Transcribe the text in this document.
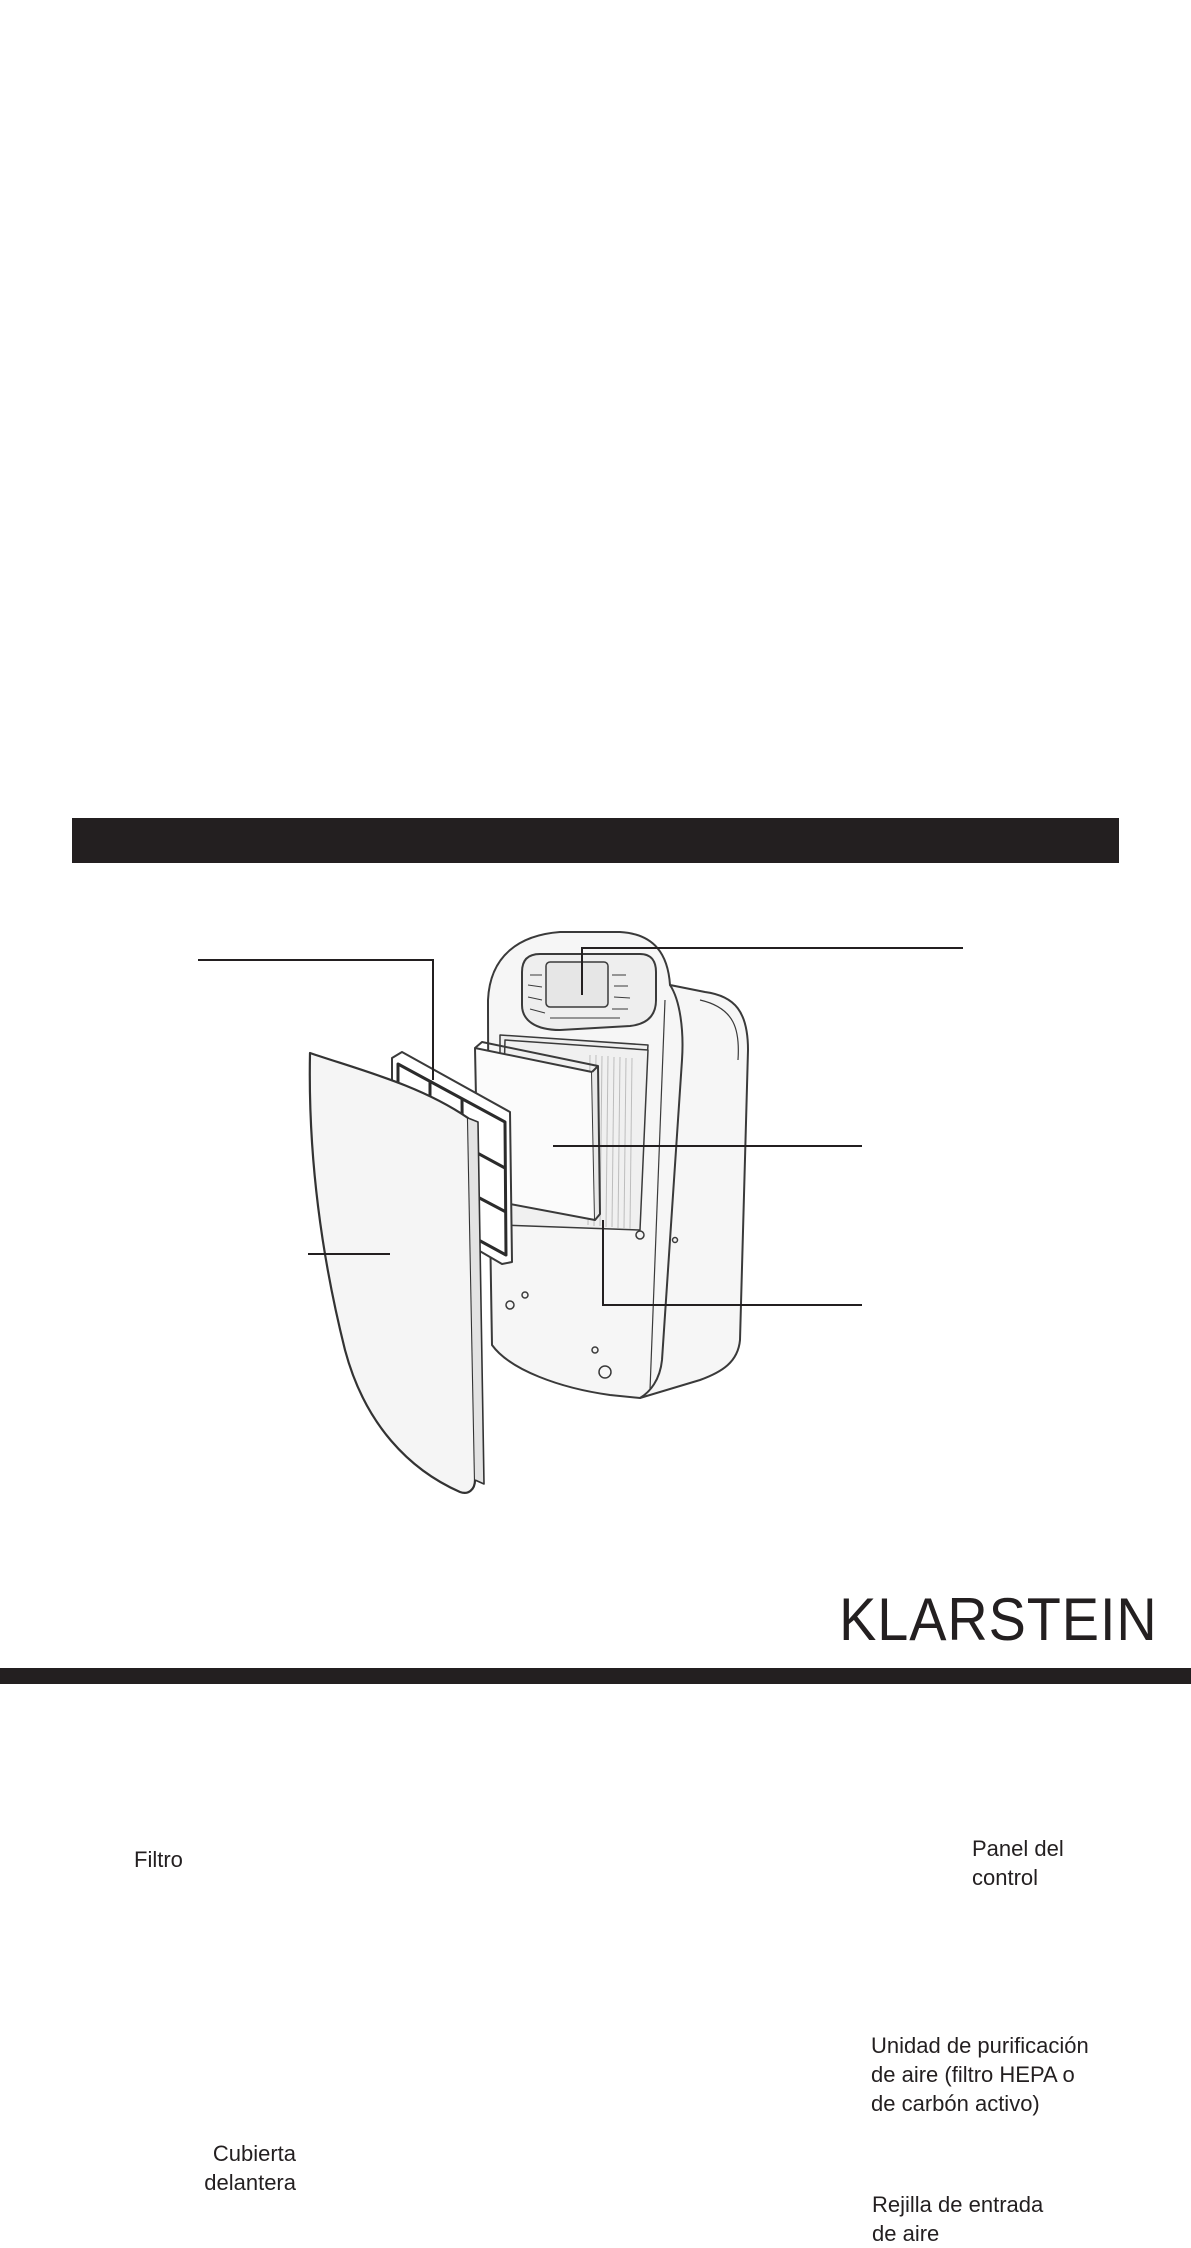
Filtro	Panel del
control
Unidad de purificación
de aire (filtro HEPA o
de carbón activo)
Cubierta
delantera
Rejilla de entrada
de aire
KLARSTEIN
